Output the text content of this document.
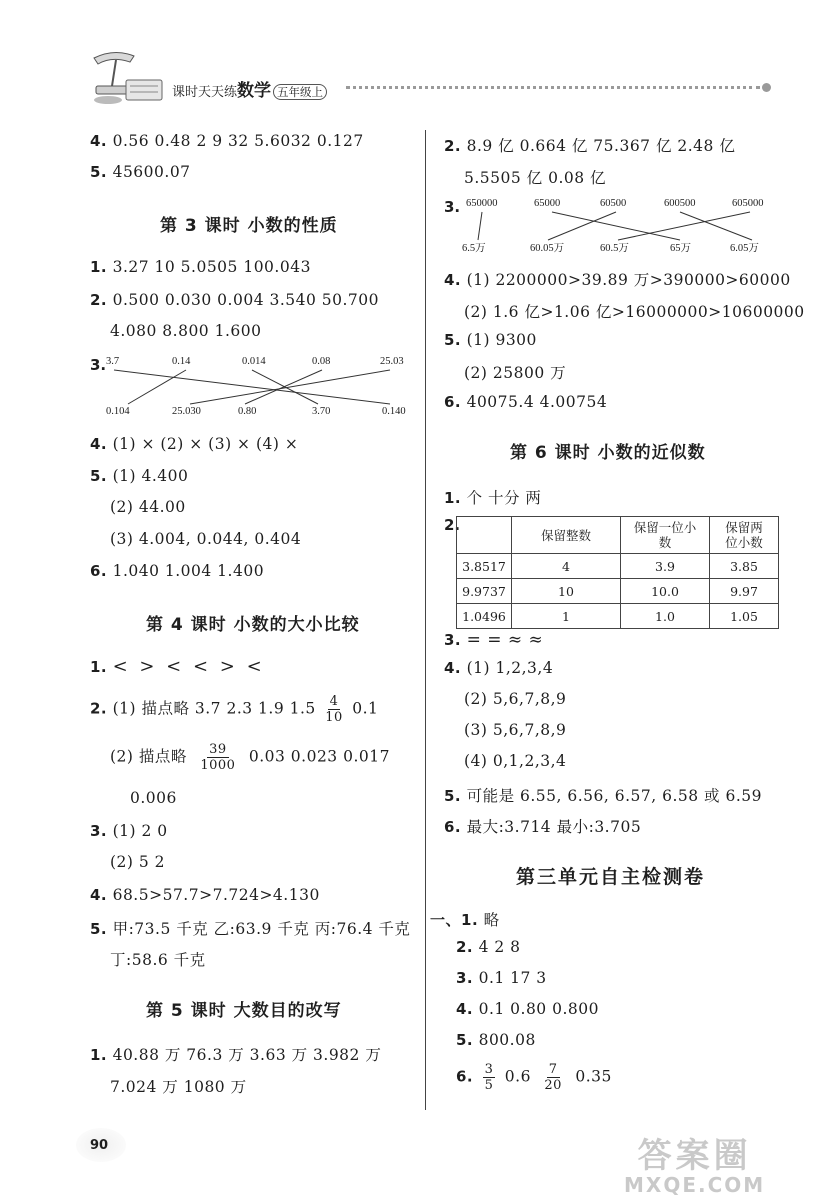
课时天天练数学 五年级上
4. 0.56 0.48 2 9 32 5.6032 0.127
5. 45600.07
第 3 课时 小数的性质
1. 3.27 10 5.0505 100.043
2. 0.500 0.030 0.004 3.540 50.700
4.080 8.800 1.600
3. 3.7	0.14	0.014	0.08	25.03
0.104	25.030	0.80	3.70	0.140
4. (1) × (2) × (3) × (4) ×
5. (1) 4.400
(2) 44.00
(3) 4.004, 0.044, 0.404
6. 1.040 1.004 1.400
第 4 课时 小数的大小比较
1. < > < < > <
2. (1) 描点略 3.7 2.3 1.9 $1.5 \frac{4}{10} 0.1$
(2) 描点略 $\frac{39}{1000} 0.03$ 0.023 0.017
0.006
3. (1) 2 0
(2) 5 2
4. 68.5>57.7>7.724>4.130
5. 甲:73.5 千克 乙:63.9 千克 丙:76.4 千克
丁:58.6 千克
第 5 课时 大数目的改写
1. 40.88 万 76.3 万 3.63 万 3.982 万
7.024 万 1080 万
2. 8.9 亿 0.664 亿 75.367 亿 2.48 亿
5.5505 亿 0.08 亿
3. 650000	65000	60500	600500	605000
6.5万	60.05万	60.5万	65万	6.05万
4. (1) 2200000>39.89 万>390000>60000
(2) 1.6 亿>1.06 亿>16000000>10600000
5. (1) 9300
(2) 25800 万
6. 40075.4 4.00754
第 6 课时 小数的近似数
1. 个 十分 两
2.
	保留整数	保留一位小数	保留两位小数
3.8517	4	3.9	3.85
9.9737	10	10.0	9.97
1.0496	1	1.0	1.05
3. = = ≈ ≈
4. (1) 1,2,3,4
(2) 5,6,7,8,9
(3) 5,6,7,8,9
(4) 0,1,2,3,4
5. 可能是 6.55, 6.56, 6.57, 6.58 或 6.59
6. 最大:3.714 最小:3.705
第三单元自主检测卷
一、1. 略
2. 4 2 8
3. 0.1 17 3
4. 0.1 0.80 0.800
5. 800.08
6. $\frac{3}{5} 0.6 \frac{7}{20} 0.35$
90	答案圈
MXQE.COM
